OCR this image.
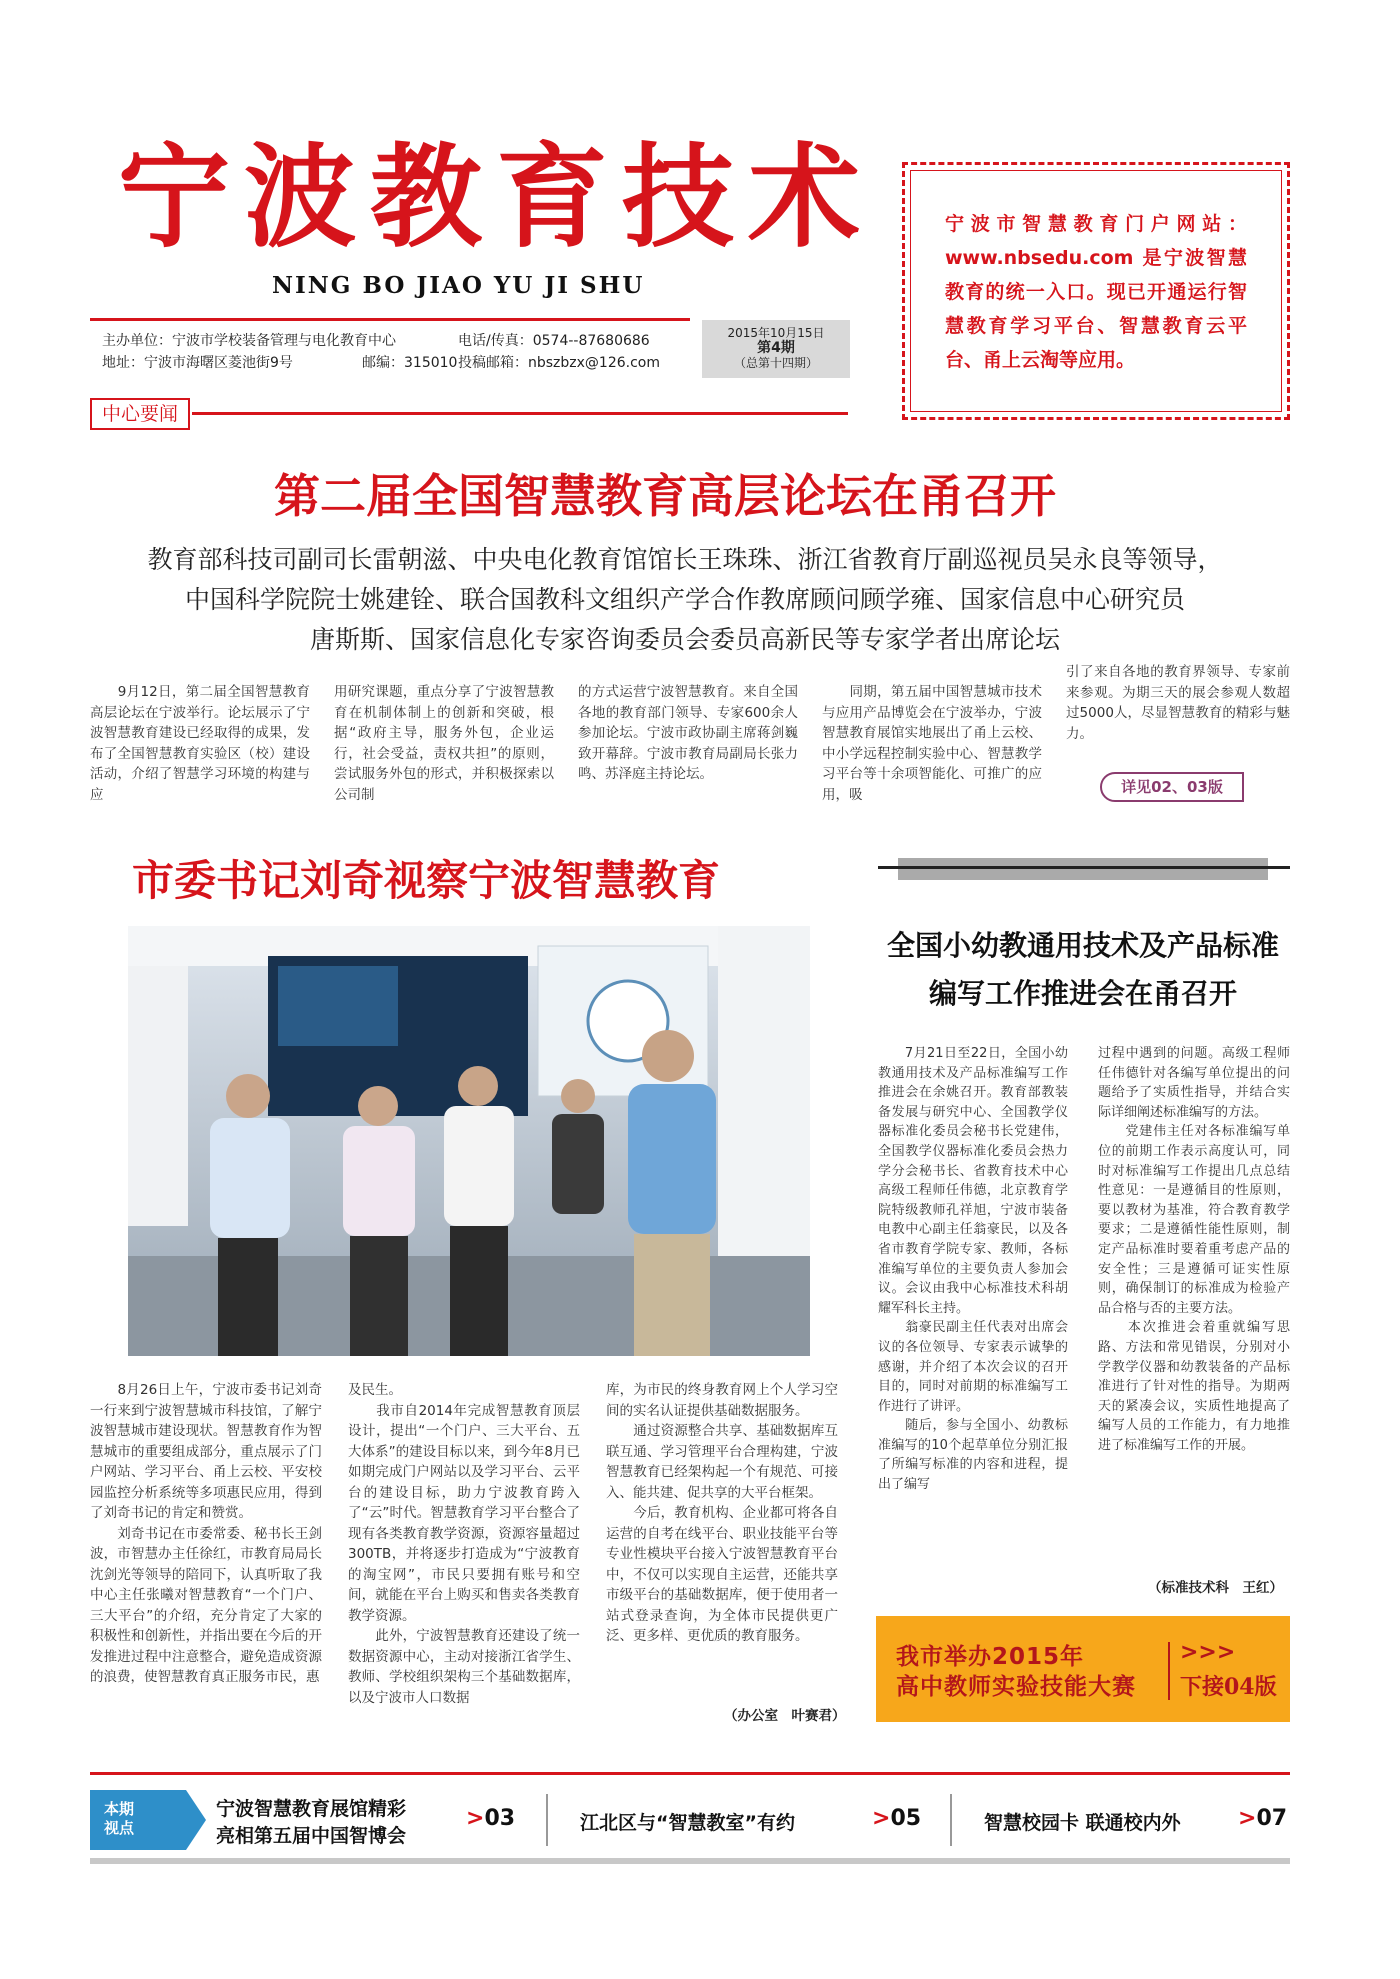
宁波教育技术
NING BO JIAO YU JI SHU
主办单位：宁波市学校装备管理与电化教育中心
地址：宁波市海曙区菱池街9号	邮编：315010
电话/传真：0574--87680686
投稿邮箱：nbszbzx@126.com
2015年10月15日
第4期
（总第十四期）

宁波市智慧教育门户网站：www.nbsedu.com 是宁波智慧教育的统一入口。现已开通运行智慧教育学习平台、智慧教育云平台、甬上云淘等应用。

中心要闻
第二届全国智慧教育高层论坛在甬召开
教育部科技司副司长雷朝滋、中央电化教育馆馆长王珠珠、浙江省教育厅副巡视员吴永良等领导，
中国科学院院士姚建铨、联合国教科文组织产学合作教席顾问顾学雍、国家信息中心研究员
唐斯斯、国家信息化专家咨询委员会委员高新民等专家学者出席论坛
　　9月12日，第二届全国智慧教育高层论坛在宁波举行。论坛展示了宁波智慧教育建设已经取得的成果，发布了全国智慧教育实验区（校）建设活动，介绍了智慧学习环境的构建与应
用研究课题，重点分享了宁波智慧教育在机制体制上的创新和突破，根据“政府主导，服务外包，企业运行，社会受益，责权共担”的原则，尝试服务外包的形式，并积极探索以公司制
的方式运营宁波智慧教育。来自全国各地的教育部门领导、专家600余人参加论坛。宁波市政协副主席蒋剑巍致开幕辞。宁波市教育局副局长张力鸣、苏泽庭主持论坛。
　　同期，第五届中国智慧城市技术与应用产品博览会在宁波举办，宁波智慧教育展馆实地展出了甬上云校、中小学远程控制实验中心、智慧教学习平台等十余项智能化、可推广的应用，吸
引了来自各地的教育界领导、专家前来参观。为期三天的展会参观人数超过5000人，尽显智慧教育的精彩与魅力。
详见02、03版
市委书记刘奇视察宁波智慧教育
　　8月26日上午，宁波市委书记刘奇一行来到宁波智慧城市科技馆，了解宁波智慧城市建设现状。智慧教育作为智慧城市的重要组成部分，重点展示了门户网站、学习平台、甬上云校、平安校园监控分析系统等多项惠民应用，得到了刘奇书记的肯定和赞赏。
　　刘奇书记在市委常委、秘书长王剑波，市智慧办主任徐红，市教育局局长沈剑光等领导的陪同下，认真听取了我中心主任张曦对智慧教育“一个门户、三大平台”的介绍，充分肯定了大家的积极性和创新性，并指出要在今后的开发推进过程中注意整合，避免造成资源的浪费，使智慧教育真正服务市民，惠
及民生。
　　我市自2014年完成智慧教育顶层设计，提出“一个门户、三大平台、五大体系”的建设目标以来，到今年8月已如期完成门户网站以及学习平台、云平台的建设目标，助力宁波教育跨入了“云”时代。智慧教育学习平台整合了现有各类教育教学资源，资源容量超过300TB，并将逐步打造成为“宁波教育的淘宝网”，市民只要拥有账号和空间，就能在平台上购买和售卖各类教育教学资源。
　　此外，宁波智慧教育还建设了统一数据资源中心，主动对接浙江省学生、教师、学校组织架构三个基础数据库，以及宁波市人口数据
库，为市民的终身教育网上个人学习空间的实名认证提供基础数据服务。
　　通过资源整合共享、基础数据库互联互通、学习管理平台合理构建，宁波智慧教育已经架构起一个有规范、可接入、能共建、促共享的大平台框架。
　　今后，教育机构、企业都可将各自运营的自考在线平台、职业技能平台等专业性模块平台接入宁波智慧教育平台中，不仅可以实现自主运营，还能共享市级平台的基础数据库，便于使用者一站式登录查询，为全体市民提供更广泛、更多样、更优质的教育服务。
（办公室　叶赛君）
全国小幼教通用技术及产品标准
编写工作推进会在甬召开
　　7月21日至22日，全国小幼教通用技术及产品标准编写工作推进会在余姚召开。教育部教装备发展与研究中心、全国教学仪器标准化委员会秘书长党建伟，全国教学仪器标准化委员会热力学分会秘书长、省教育技术中心高级工程师任伟德，北京教育学院特级教师孔祥旭，宁波市装备电教中心副主任翁豪民，以及各省市教育学院专家、教师，各标准编写单位的主要负责人参加会议。会议由我中心标准技术科胡耀军科长主持。
　　翁豪民副主任代表对出席会议的各位领导、专家表示诚挚的感谢，并介绍了本次会议的召开目的，同时对前期的标准编写工作进行了讲评。
　　随后，参与全国小、幼教标准编写的10个起草单位分别汇报了所编写标准的内容和进程，提出了编写
过程中遇到的问题。高级工程师任伟德针对各编写单位提出的问题给予了实质性指导，并结合实际详细阐述标准编写的方法。
　　党建伟主任对各标准编写单位的前期工作表示高度认可，同时对标准编写工作提出几点总结性意见：一是遵循目的性原则，要以教材为基准，符合教育教学要求；二是遵循性能性原则，制定产品标准时要着重考虑产品的安全性；三是遵循可证实性原则，确保制订的标准成为检验产品合格与否的主要方法。
　　本次推进会着重就编写思路、方法和常见错误，分别对小学教学仪器和幼教装备的产品标准进行了针对性的指导。为期两天的紧凑会议，实质性地提高了编写人员的工作能力，有力地推进了标准编写工作的开展。
（标准技术科　王红）
我市举办2015年
高中教师实验技能大赛
>>>
下接04版
本期
视点
宁波智慧教育展馆精彩
亮相第五届中国智博会
>03	江北区与“智慧教室”有约	>05	智慧校园卡 联通校内外	>07
